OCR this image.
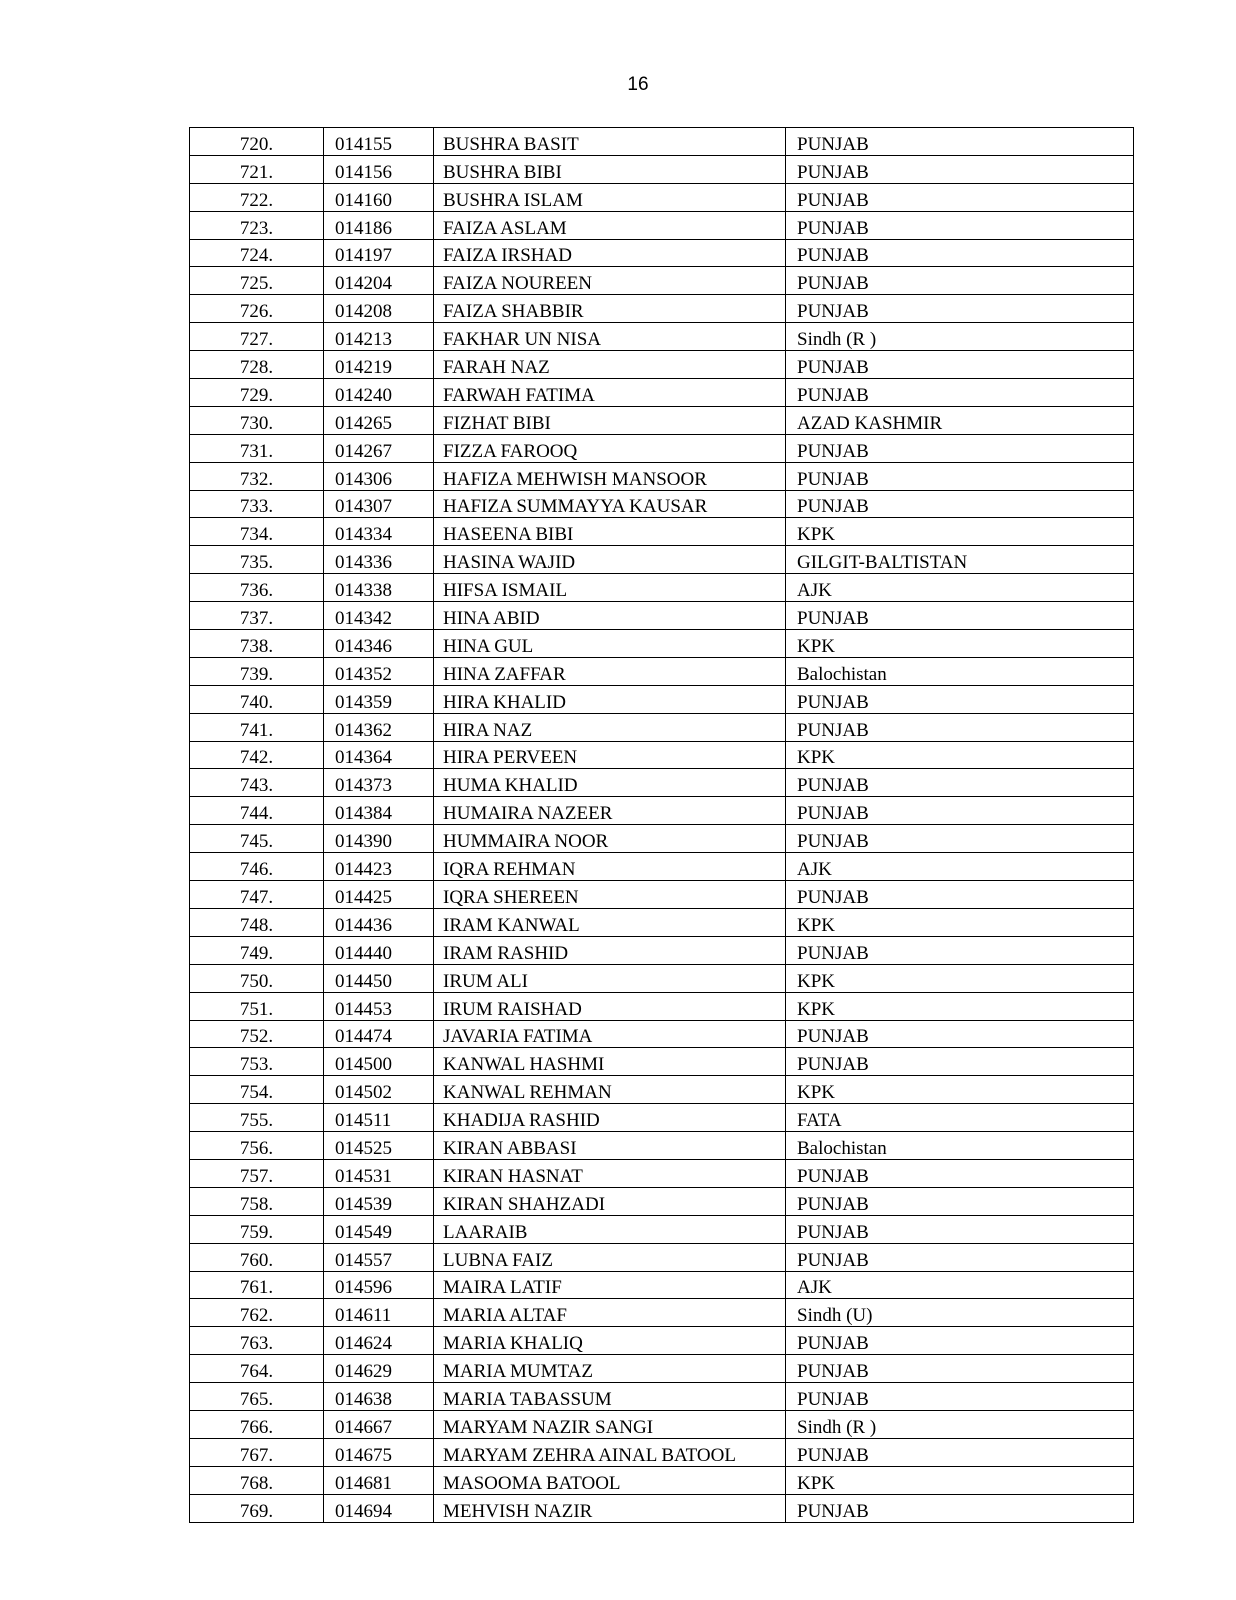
16
720.	014155	BUSHRA BASIT	PUNJAB
721.	014156	BUSHRA BIBI	PUNJAB
722.	014160	BUSHRA ISLAM	PUNJAB
723.	014186	FAIZA ASLAM	PUNJAB
724.	014197	FAIZA IRSHAD	PUNJAB
725.	014204	FAIZA NOUREEN	PUNJAB
726.	014208	FAIZA SHABBIR	PUNJAB
727.	014213	FAKHAR UN NISA	Sindh (R )
728.	014219	FARAH NAZ	PUNJAB
729.	014240	FARWAH FATIMA	PUNJAB
730.	014265	FIZHAT BIBI	AZAD KASHMIR
731.	014267	FIZZA FAROOQ	PUNJAB
732.	014306	HAFIZA MEHWISH MANSOOR	PUNJAB
733.	014307	HAFIZA SUMMAYYA KAUSAR	PUNJAB
734.	014334	HASEENA BIBI	KPK
735.	014336	HASINA WAJID	GILGIT-BALTISTAN
736.	014338	HIFSA ISMAIL	AJK
737.	014342	HINA ABID	PUNJAB
738.	014346	HINA GUL	KPK
739.	014352	HINA ZAFFAR	Balochistan
740.	014359	HIRA KHALID	PUNJAB
741.	014362	HIRA NAZ	PUNJAB
742.	014364	HIRA PERVEEN	KPK
743.	014373	HUMA KHALID	PUNJAB
744.	014384	HUMAIRA NAZEER	PUNJAB
745.	014390	HUMMAIRA NOOR	PUNJAB
746.	014423	IQRA REHMAN	AJK
747.	014425	IQRA SHEREEN	PUNJAB
748.	014436	IRAM KANWAL	KPK
749.	014440	IRAM RASHID	PUNJAB
750.	014450	IRUM ALI	KPK
751.	014453	IRUM RAISHAD	KPK
752.	014474	JAVARIA FATIMA	PUNJAB
753.	014500	KANWAL HASHMI	PUNJAB
754.	014502	KANWAL REHMAN	KPK
755.	014511	KHADIJA RASHID	FATA
756.	014525	KIRAN ABBASI	Balochistan
757.	014531	KIRAN HASNAT	PUNJAB
758.	014539	KIRAN SHAHZADI	PUNJAB
759.	014549	LAARAIB	PUNJAB
760.	014557	LUBNA FAIZ	PUNJAB
761.	014596	MAIRA LATIF	AJK
762.	014611	MARIA ALTAF	Sindh (U)
763.	014624	MARIA KHALIQ	PUNJAB
764.	014629	MARIA MUMTAZ	PUNJAB
765.	014638	MARIA TABASSUM	PUNJAB
766.	014667	MARYAM NAZIR SANGI	Sindh (R )
767.	014675	MARYAM ZEHRA AINAL BATOOL	PUNJAB
768.	014681	MASOOMA BATOOL	KPK
769.	014694	MEHVISH NAZIR	PUNJAB
